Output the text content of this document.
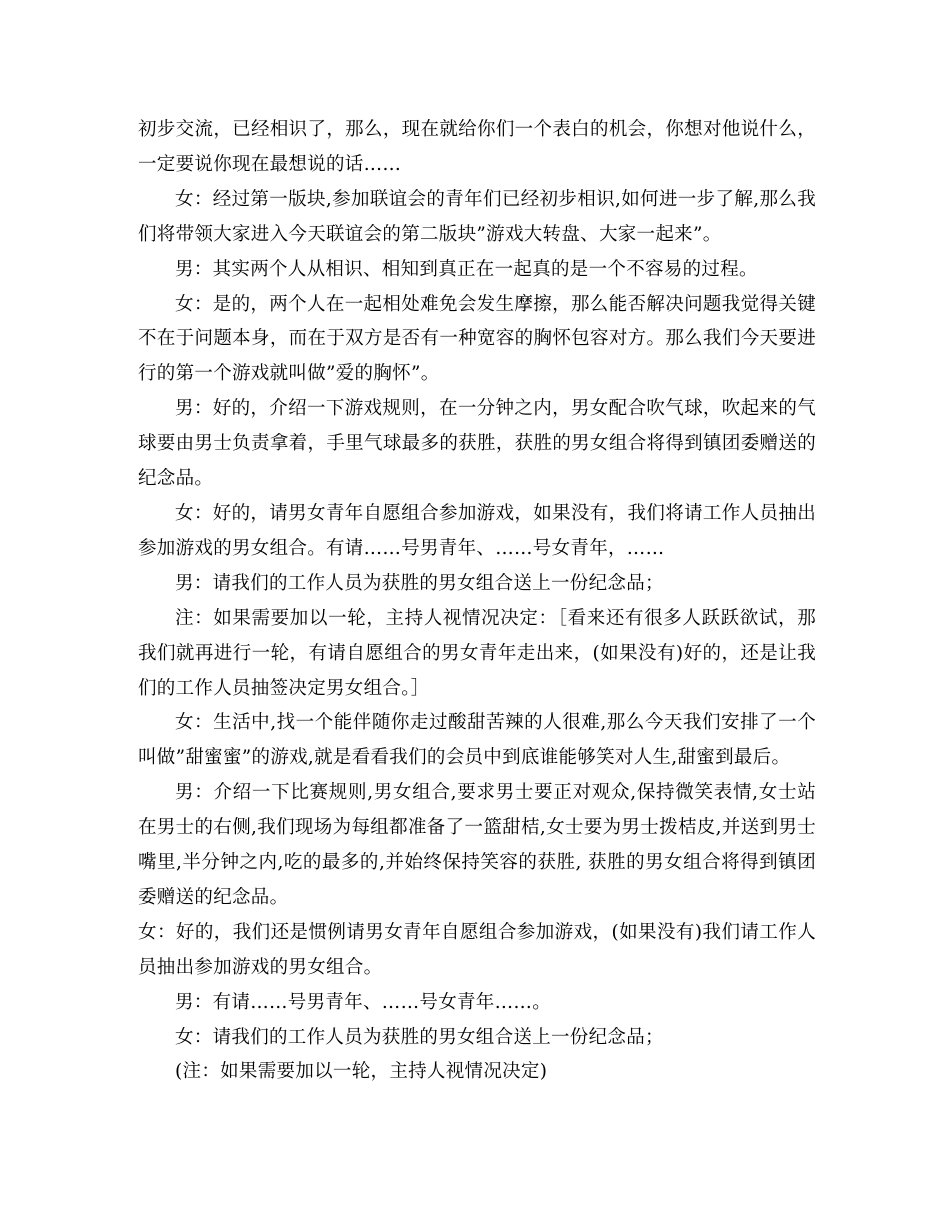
初步交流，已经相识了，那么，现在就给你们一个表白的机会，你想对他说什么，一定要说你现在最想说的话……

女：经过第一版块,参加联谊会的青年们已经初步相识,如何进一步了解,那么我们将带领大家进入今天联谊会的第二版块”游戏大转盘、大家一起来”。

男：其实两个人从相识、相知到真正在一起真的是一个不容易的过程。

女：是的，两个人在一起相处难免会发生摩擦，那么能否解决问题我觉得关键不在于问题本身，而在于双方是否有一种宽容的胸怀包容对方。那么我们今天要进行的第一个游戏就叫做”爱的胸怀”。

男：好的，介绍一下游戏规则，在一分钟之内，男女配合吹气球，吹起来的气球要由男士负责拿着，手里气球最多的获胜，获胜的男女组合将得到镇团委赠送的纪念品。

女：好的，请男女青年自愿组合参加游戏，如果没有，我们将请工作人员抽出参加游戏的男女组合。有请……号男青年、……号女青年，……

男：请我们的工作人员为获胜的男女组合送上一份纪念品；

注：如果需要加以一轮，主持人视情况决定：［看来还有很多人跃跃欲试，那我们就再进行一轮，有请自愿组合的男女青年走出来，(如果没有)好的，还是让我们的工作人员抽签决定男女组合。］

女：生活中,找一个能伴随你走过酸甜苦辣的人很难,那么今天我们安排了一个叫做”甜蜜蜜”的游戏,就是看看我们的会员中到底谁能够笑对人生,甜蜜到最后。

男：介绍一下比赛规则,男女组合,要求男士要正对观众,保持微笑表情,女士站在男士的右侧,我们现场为每组都准备了一篮甜桔,女士要为男士拨桔皮,并送到男士嘴里,半分钟之内,吃的最多的,并始终保持笑容的获胜, 获胜的男女组合将得到镇团委赠送的纪念品。

女：好的，我们还是惯例请男女青年自愿组合参加游戏，(如果没有)我们请工作人员抽出参加游戏的男女组合。

男：有请……号男青年、……号女青年……。

女：请我们的工作人员为获胜的男女组合送上一份纪念品；

(注：如果需要加以一轮，主持人视情况决定)
